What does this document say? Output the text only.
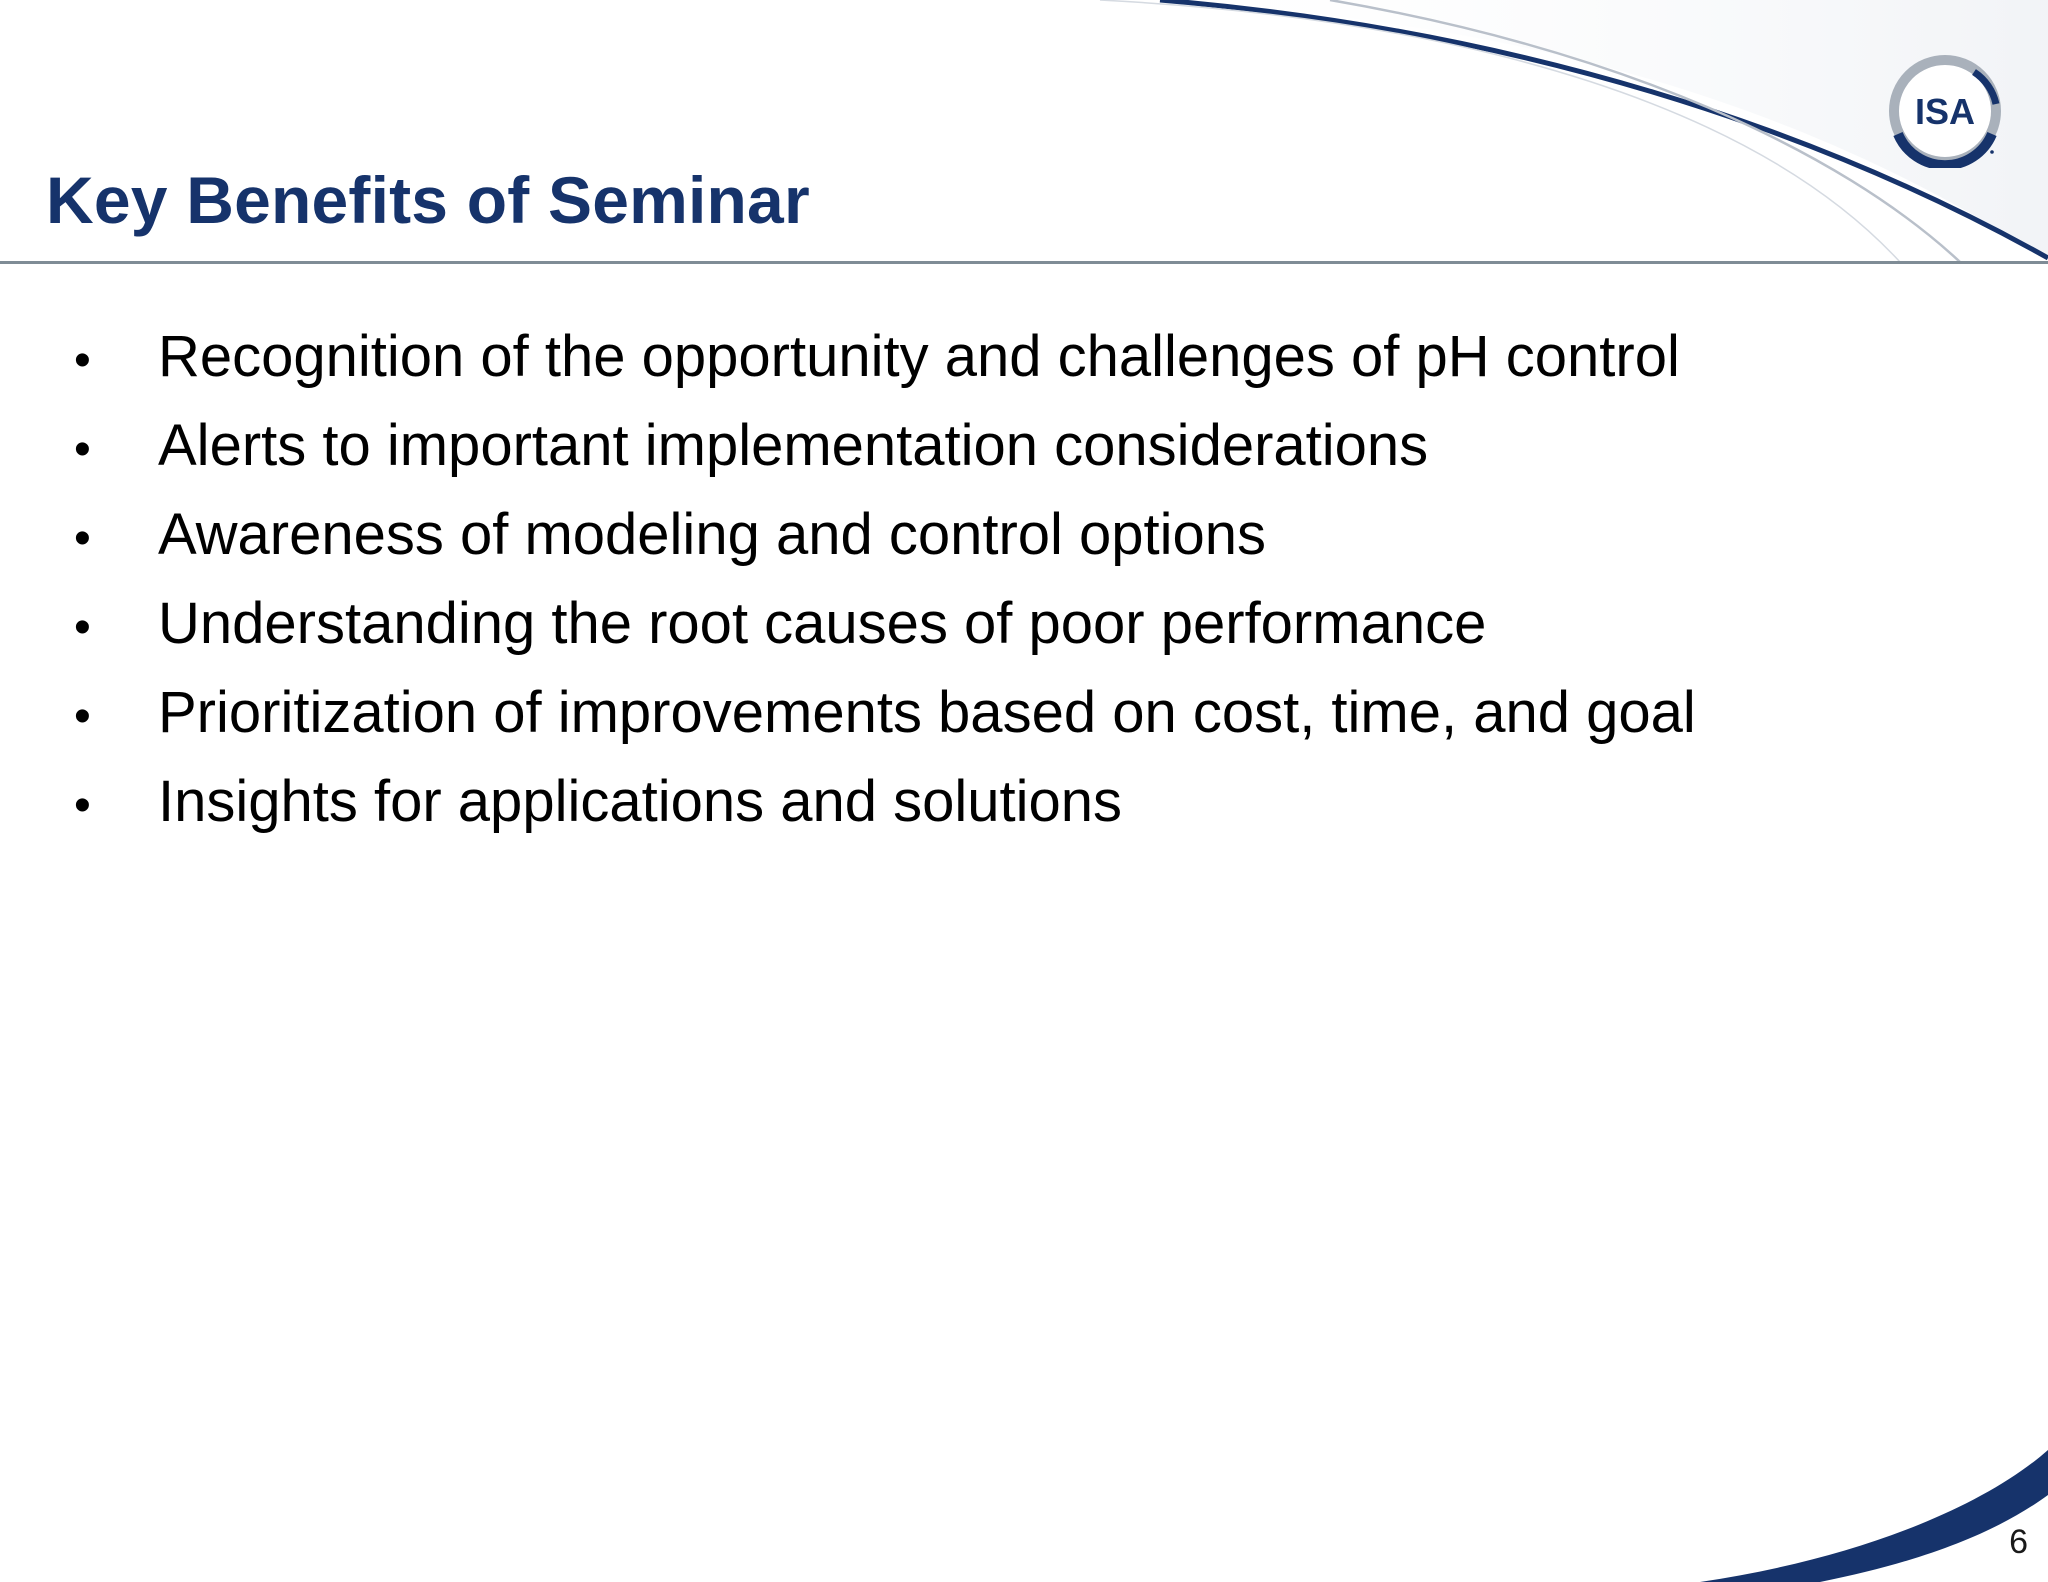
Key Benefits of Seminar
ISA
•	Recognition of the opportunity and challenges of pH control
•	Alerts to important implementation considerations
•	Awareness of modeling and control options
•	Understanding the root causes of poor performance
•	Prioritization of improvements based on cost, time, and goal
•	Insights for applications and solutions
6
